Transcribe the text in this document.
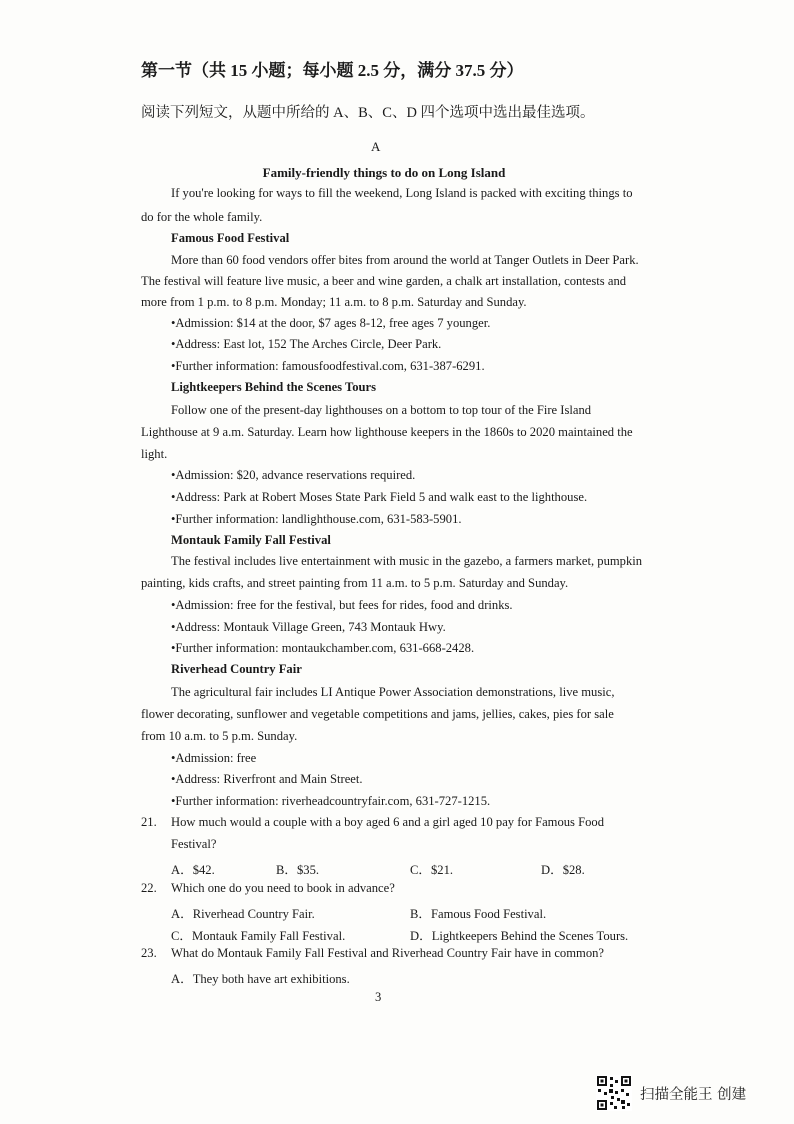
第一节（共 15 小题；每小题 2.5 分，满分 37.5 分）
阅读下列短文，从题中所给的 A、B、C、D 四个选项中选出最佳选项。
A
Family-friendly things to do on Long Island
If you're looking for ways to fill the weekend, Long Island is packed with exciting things to
do for the whole family.
Famous Food Festival
More than 60 food vendors offer bites from around the world at Tanger Outlets in Deer Park.
The festival will feature live music, a beer and wine garden, a chalk art installation, contests and
more from 1 p.m. to 8 p.m. Monday; 11 a.m. to 8 p.m. Saturday and Sunday.
•Admission: $14 at the door, $7 ages 8-12, free ages 7 younger.
•Address: East lot, 152 The Arches Circle, Deer Park.
•Further information: famousfoodfestival.com, 631-387-6291.
Lightkeepers Behind the Scenes Tours
Follow one of the present-day lighthouses on a bottom to top tour of the Fire Island
Lighthouse at 9 a.m. Saturday. Learn how lighthouse keepers in the 1860s to 2020 maintained the
light.
•Admission: $20, advance reservations required.
•Address: Park at Robert Moses State Park Field 5 and walk east to the lighthouse.
•Further information: landlighthouse.com, 631-583-5901.
Montauk Family Fall Festival
The festival includes live entertainment with music in the gazebo, a farmers market, pumpkin
painting, kids crafts, and street painting from 11 a.m. to 5 p.m. Saturday and Sunday.
•Admission: free for the festival, but fees for rides, food and drinks.
•Address: Montauk Village Green, 743 Montauk Hwy.
•Further information: montaukchamber.com, 631-668-2428.
Riverhead Country Fair
The agricultural fair includes LI Antique Power Association demonstrations, live music,
flower decorating, sunflower and vegetable competitions and jams, jellies, cakes, pies for sale
from 10 a.m. to 5 p.m. Sunday.
•Admission: free
•Address: Riverfront and Main Street.
•Further information: riverheadcountryfair.com, 631-727-1215.
21. How much would a couple with a boy aged 6 and a girl aged 10 pay for Famous Food
Festival?
A．$42.	B．$35.	C．$21.	D．$28.
22. Which one do you need to book in advance?
A．Riverhead Country Fair.	B．Famous Food Festival.
C．Montauk Family Fall Festival.	D．Lightkeepers Behind the Scenes Tours.
23. What do Montauk Family Fall Festival and Riverhead Country Fair have in common?
A．They both have art exhibitions.
3
扫描全能王 创建
